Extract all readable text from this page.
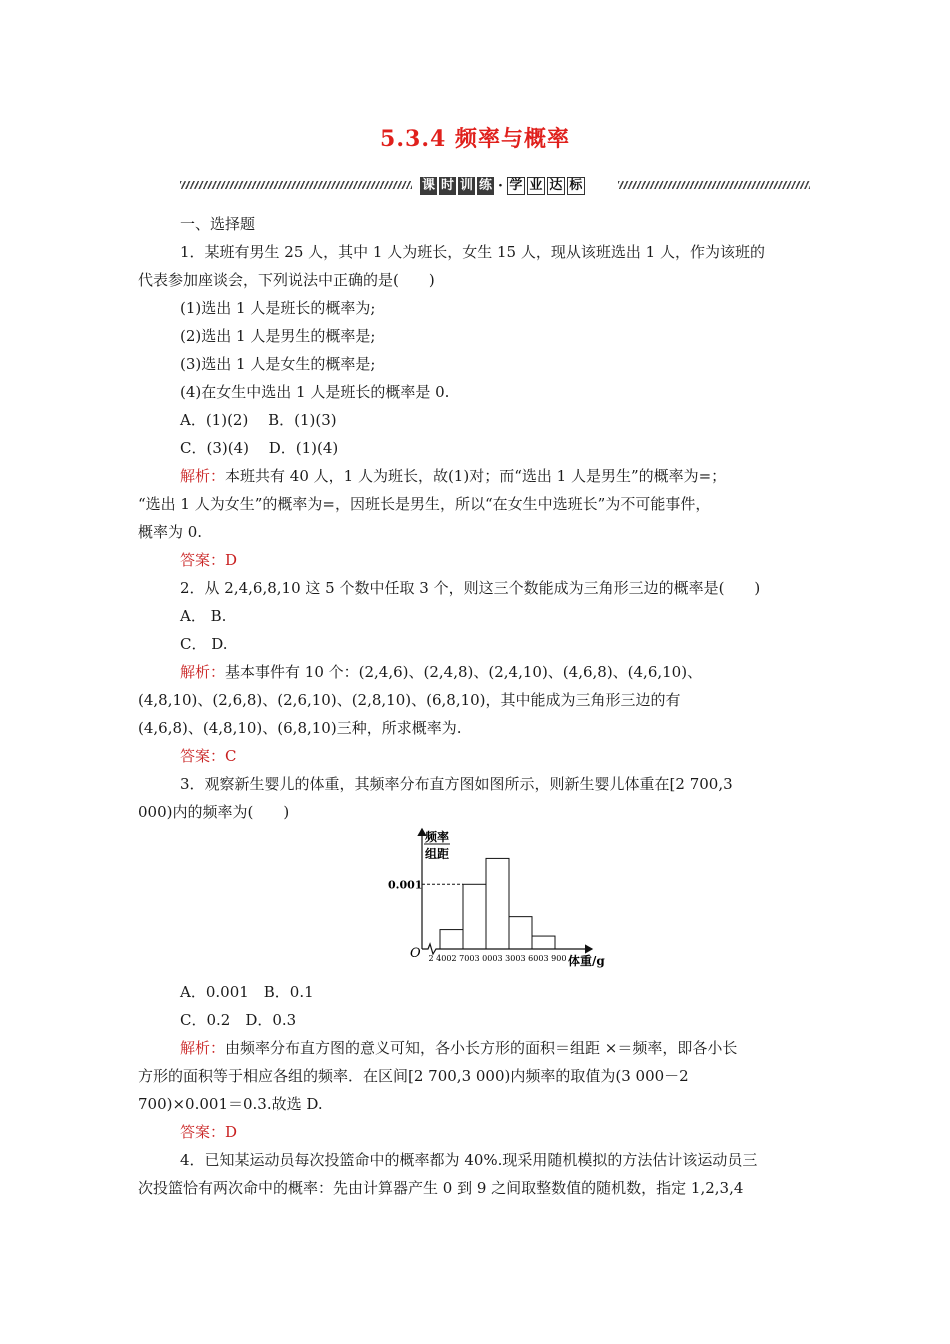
5.3.4 频率与概率
课 时 训 练 · 学 业 达 标
一、选择题
1．某班有男生 25 人，其中 1 人为班长，女生 15 人，现从该班选出 1 人，作为该班的
代表参加座谈会，下列说法中正确的是(　　)
(1)选出 1 人是班长的概率为;
(2)选出 1 人是男生的概率是;
(3)选出 1 人是女生的概率是;
(4)在女生中选出 1 人是班长的概率是 0.
A．(1)(2)　 B．(1)(3)
C．(3)(4)　 D．(1)(4)
解析：本班共有 40 人，1 人为班长，故(1)对；而“选出 1 人是男生”的概率为=；
“选出 1 人为女生”的概率为=，因班长是男生，所以“在女生中选班长”为不可能事件，
概率为 0.
答案：D
2．从 2,4,6,8,10 这 5 个数中任取 3 个，则这三个数能成为三角形三边的概率是(　　)
A． B.
C． D.
解析：基本事件有 10 个：(2,4,6)、(2,4,8)、(2,4,10)、(4,6,8)、(4,6,10)、
(4,8,10)、(2,6,8)、(2,6,10)、(2,8,10)、(6,8,10)，其中能成为三角形三边的有
(4,6,8)、(4,8,10)、(6,8,10)三种，所求概率为.
答案：C
3．观察新生婴儿的体重，其频率分布直方图如图所示，则新生婴儿体重在[2 700,3
000)内的频率为(　　)
频率
组距
O	体重/g
2 400 2 700 3 000 3 300 3 600 3 900
0.001
A．0.001　B．0.1
C．0.2　D．0.3
解析：由频率分布直方图的意义可知，各小长方形的面积＝组距 ×＝频率，即各小长
方形的面积等于相应各组的频率．在区间[2 700,3 000)内频率的取值为(3 000－2
700)×0.001＝0.3.故选 D.
答案：D
4．已知某运动员每次投篮命中的概率都为 40%.现采用随机模拟的方法估计该运动员三
次投篮恰有两次命中的概率：先由计算器产生 0 到 9 之间取整数值的随机数，指定 1,2,3,4
